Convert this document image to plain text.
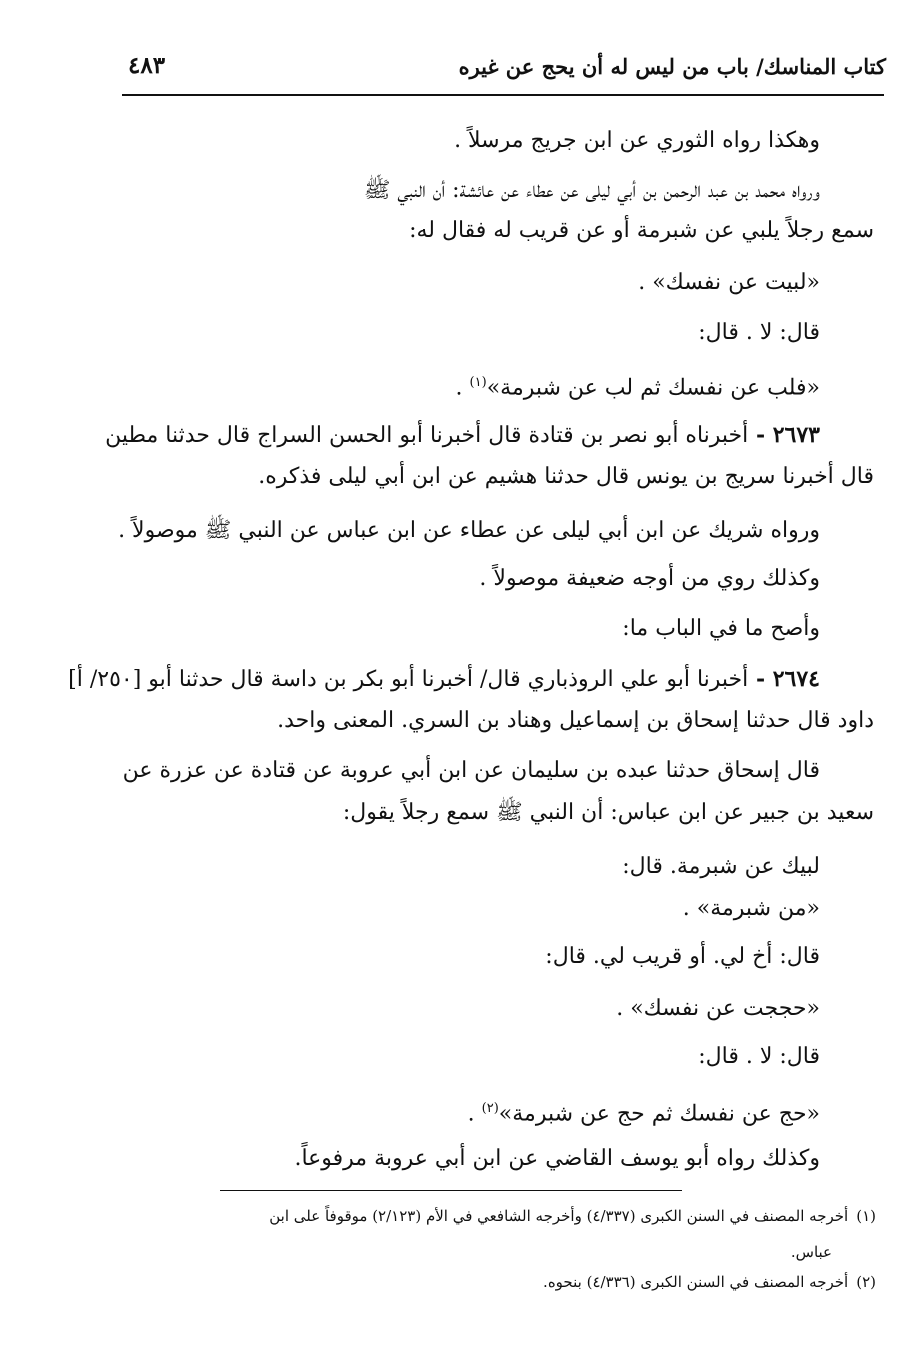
كتاب المناسك/ باب من ليس له أن يحج عن غيره
٤٨٣
وهكذا رواه الثوري عن ابن جريج مرسلاً .
ورواه محمد بن عبد الرحمن بن أبي ليلى عن عطاء عن عائشة: أن النبي ﷺ
سمع رجلاً يلبي عن شبرمة أو عن قريب له فقال له:
«لبيت عن نفسك» .
قال: لا . قال:
«فلب عن نفسك ثم لب عن شبرمة»$^{(١)}$ .
٢٦٧٣ - أخبرناه أبو نصر بن قتادة قال أخبرنا أبو الحسن السراج قال حدثنا مطين
قال أخبرنا سريج بن يونس قال حدثنا هشيم عن ابن أبي ليلى فذكره.
ورواه شريك عن ابن أبي ليلى عن عطاء عن ابن عباس عن النبي ﷺ موصولاً .
وكذلك روي من أوجه ضعيفة موصولاً .
وأصح ما في الباب ما:
٢٦٧٤ - أخبرنا أبو علي الروذباري قال/ أخبرنا أبو بكر بن داسة قال حدثنا أبو [٢٥٠/ أ]
داود قال حدثنا إسحاق بن إسماعيل وهناد بن السري. المعنى واحد.
قال إسحاق حدثنا عبده بن سليمان عن ابن أبي عروبة عن قتادة عن عزرة عن
سعيد بن جبير عن ابن عباس: أن النبي ﷺ سمع رجلاً يقول:
لبيك عن شبرمة. قال:
«من شبرمة» .
قال: أخ لي. أو قريب لي. قال:
«حججت عن نفسك» .
قال: لا . قال:
«حج عن نفسك ثم حج عن شبرمة»$^{(٢)}$ .
وكذلك رواه أبو يوسف القاضي عن ابن أبي عروبة مرفوعاً.
(١)أخرجه المصنف في السنن الكبرى (٤/٣٣٧) وأخرجه الشافعي في الأم (٢/١٢٣) موقوفاً على ابن
عباس.
(٢)أخرجه المصنف في السنن الكبرى (٤/٣٣٦) بنحوه.
